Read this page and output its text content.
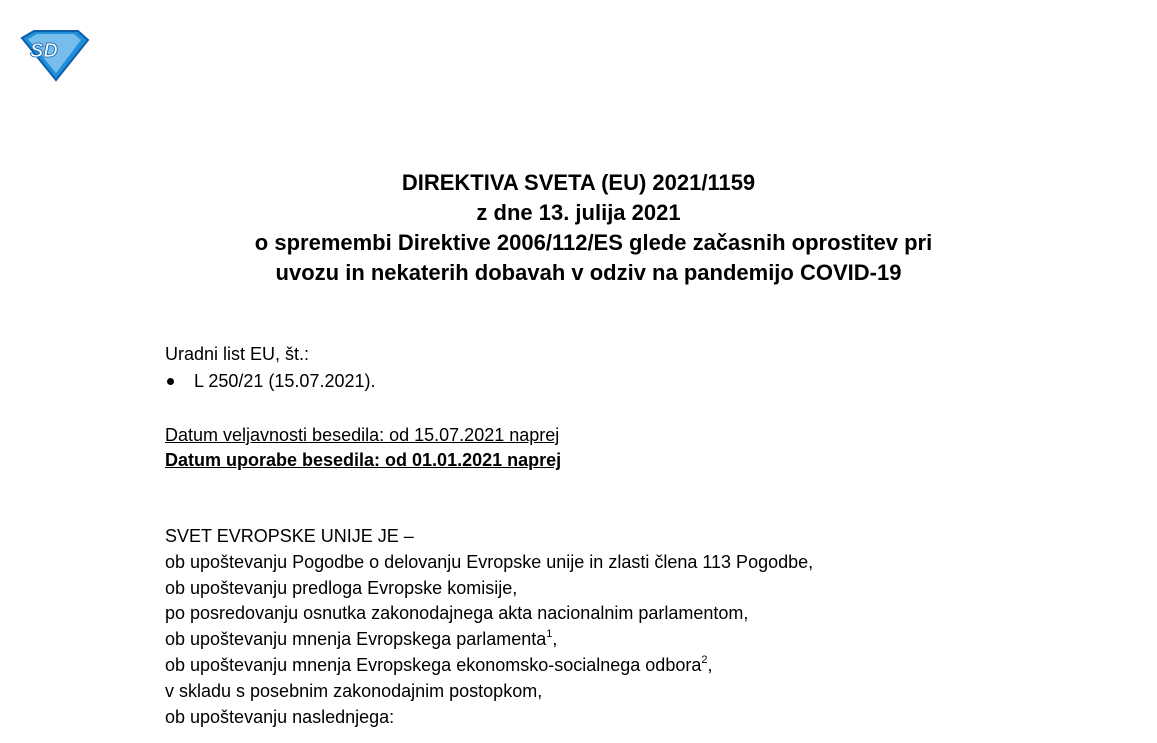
SD
DIREKTIVA SVETA (EU) 2021/1159
z dne 13. julija 2021
o spremembi Direktive 2006/112/ES glede začasnih oprostitev pri
uvozu in nekaterih dobavah v odziv na pandemijo COVID-19
Uradni list EU, št.:
L 250/21 (15.07.2021).
Datum veljavnosti besedila: od 15.07.2021 naprej
Datum uporabe besedila: od 01.01.2021 naprej
SVET EVROPSKE UNIJE JE –
ob upoštevanju Pogodbe o delovanju Evropske unije in zlasti člena 113 Pogodbe,
ob upoštevanju predloga Evropske komisije,
po posredovanju osnutka zakonodajnega akta nacionalnim parlamentom,
ob upoštevanju mnenja Evropskega parlamenta$^1$,
ob upoštevanju mnenja Evropskega ekonomsko-socialnega odbora$^2$,
v skladu s posebnim zakonodajnim postopkom,
ob upoštevanju naslednjega:
